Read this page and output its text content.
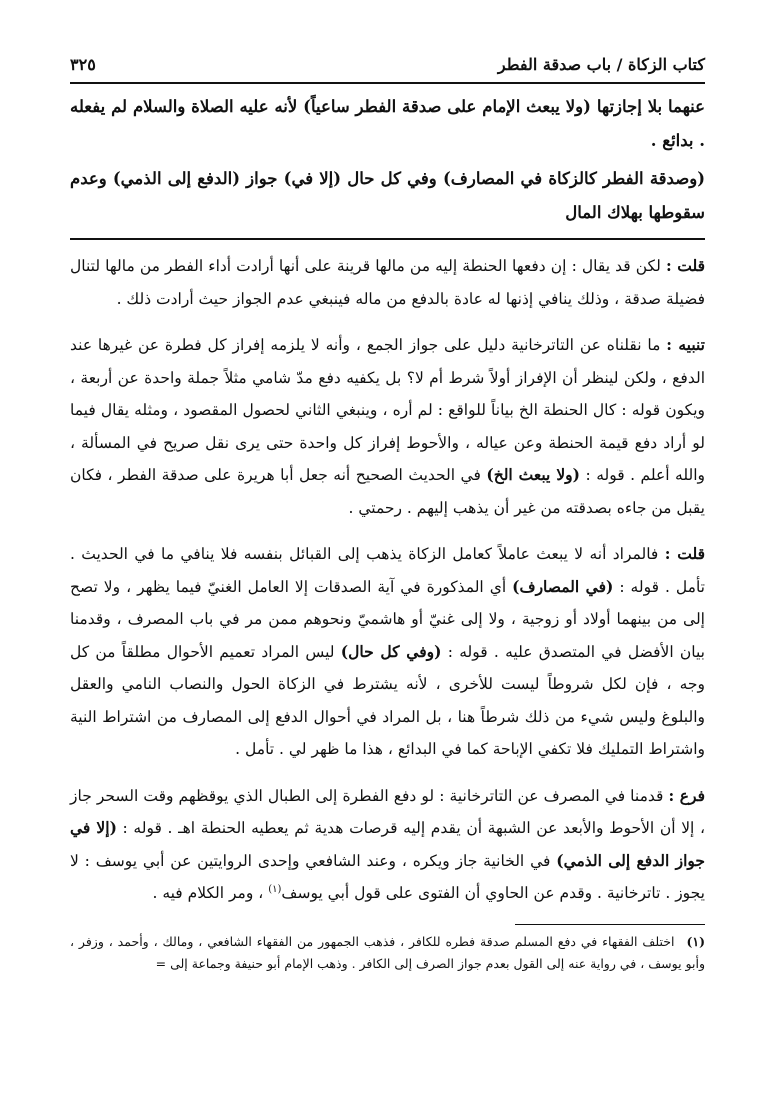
كتاب الزكاة / باب صدقة الفطر
٣٢٥

عنهما بلا إجازتها (ولا يبعث الإمام على صدقة الفطر ساعياً) لأنه عليه الصلاة والسلام لم يفعله . بدائع .

(وصدقة الفطر كالزكاة في المصارف) وفي كل حال (إلا في) جواز (الدفع إلى الذمي) وعدم سقوطها بهلاك المال

قلت : لكن قد يقال : إن دفعها الحنطة إليه من مالها قرينة على أنها أرادت أداء الفطر من مالها لتنال فضيلة صدقة ، وذلك ينافي إذنها له عادة بالدفع من ماله فينبغي عدم الجواز حيث أرادت ذلك .

تنبيه : ما نقلناه عن التاترخانية دليل على جواز الجمع ، وأنه لا يلزمه إفراز كل فطرة عن غيرها عند الدفع ، ولكن لينظر أن الإفراز أولاً شرط أم لا؟ بل يكفيه دفع مدّ شامي مثلاً جملة واحدة عن أربعة ، ويكون قوله : كال الحنطة الخ بياناً للواقع : لم أره ، وينبغي الثاني لحصول المقصود ، ومثله يقال فيما لو أراد دفع قيمة الحنطة وعن عياله ، والأحوط إفراز كل واحدة حتى يرى نقل صريح في المسألة ، والله أعلم . قوله : (ولا يبعث الخ) في الحديث الصحيح أنه جعل أبا هريرة على صدقة الفطر ، فكان يقبل من جاءه بصدقته من غير أن يذهب إليهم . رحمتي .

قلت : فالمراد أنه لا يبعث عاملاً كعامل الزكاة يذهب إلى القبائل بنفسه فلا ينافي ما في الحديث . تأمل . قوله : (في المصارف) أي المذكورة في آية الصدقات إلا العامل الغنيّ فيما يظهر ، ولا تصح إلى من بينهما أولاد أو زوجية ، ولا إلى غنيّ أو هاشميّ ونحوهم ممن مر في باب المصرف ، وقدمنا بيان الأفضل في المتصدق عليه . قوله : (وفي كل حال) ليس المراد تعميم الأحوال مطلقاً من كل وجه ، فإن لكل شروطاً ليست للأخرى ، لأنه يشترط في الزكاة الحول والنصاب النامي والعقل والبلوغ وليس شيء من ذلك شرطاً هنا ، بل المراد في أحوال الدفع إلى المصارف من اشتراط النية واشتراط التمليك فلا تكفي الإباحة كما في البدائع ، هذا ما ظهر لي . تأمل .

فرع : قدمنا في المصرف عن التاترخانية : لو دفع الفطرة إلى الطبال الذي يوقظهم وقت السحر جاز ، إلا أن الأحوط والأبعد عن الشبهة أن يقدم إليه قرصات هدية ثم يعطيه الحنطة اهـ . قوله : (إلا في جواز الدفع إلى الذمي) في الخانية جاز ويكره ، وعند الشافعي وإحدى الروايتين عن أبي يوسف : لا يجوز . تاترخانية . وقدم عن الحاوي أن الفتوى على قول أبي يوسف$^{(١)}$ ، ومر الكلام فيه .

(١)اختلف الفقهاء في دفع المسلم صدقة فطره للكافر ، فذهب الجمهور من الفقهاء الشافعي ، ومالك ، وأحمد ، وزفر ، وأبو يوسف ، في رواية عنه إلى القول بعدم جواز الصرف إلى الكافر . وذهب الإمام أبو حنيفة وجماعة إلى =
